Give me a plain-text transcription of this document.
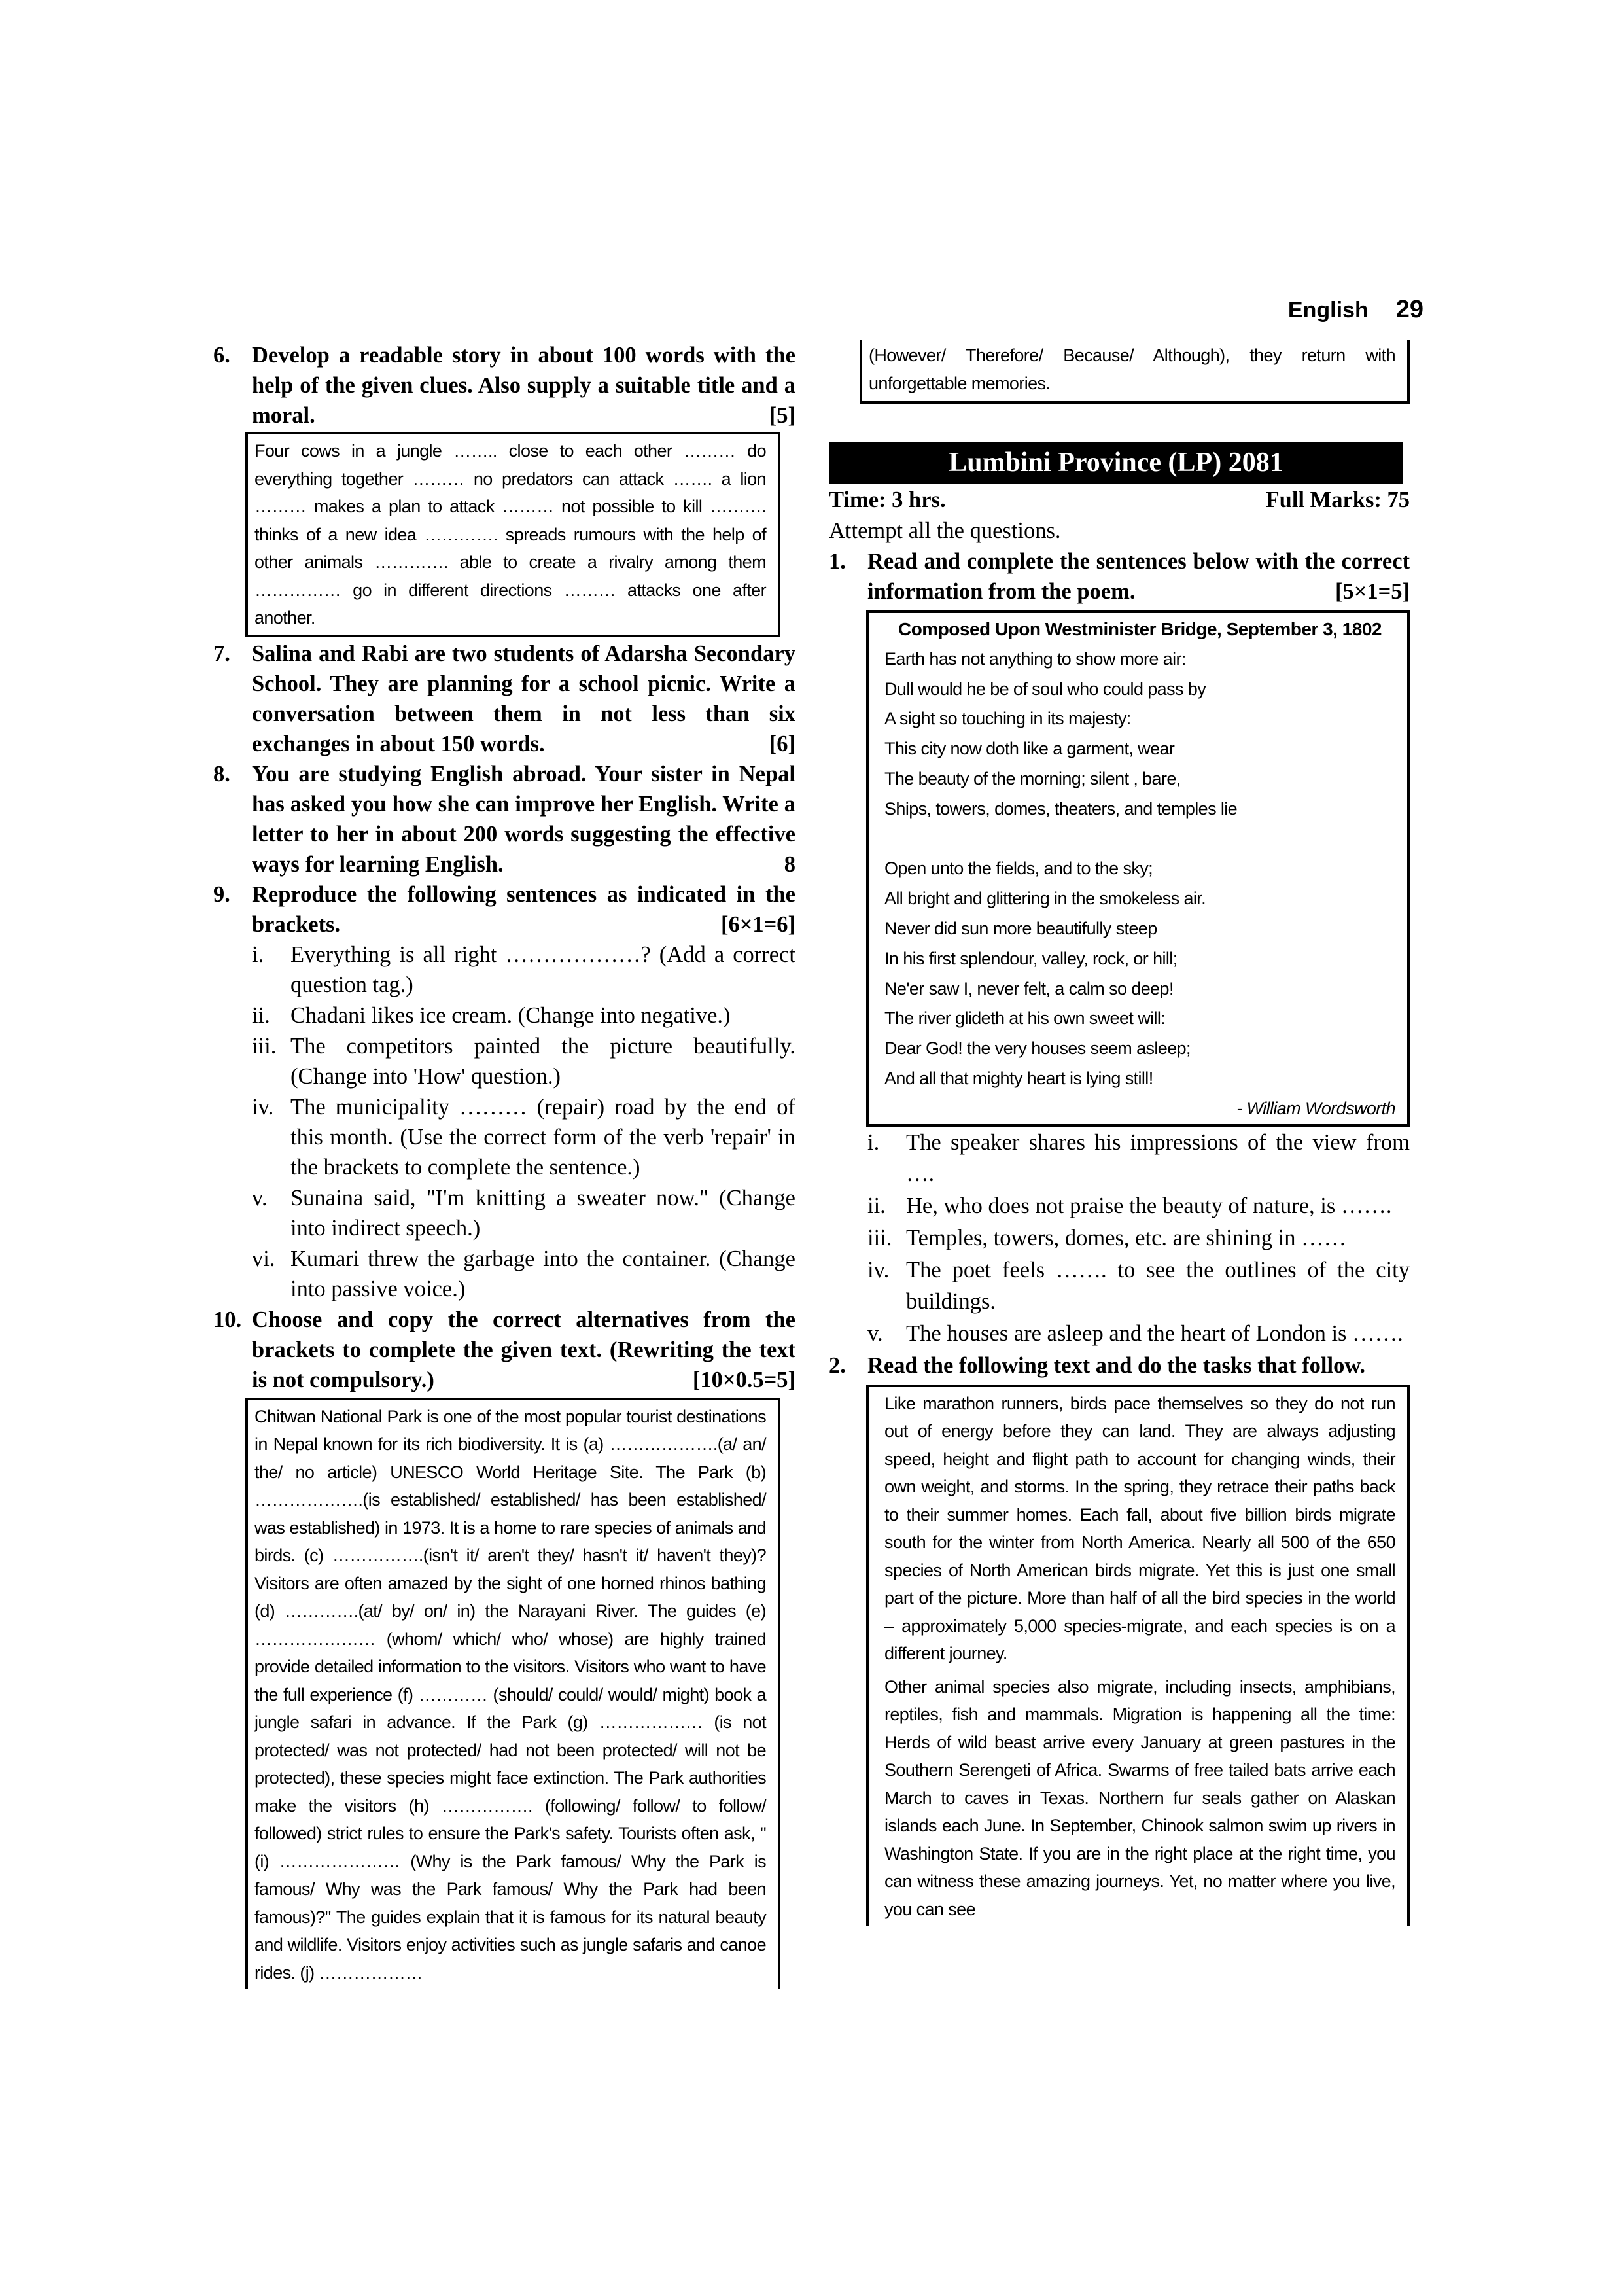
English 29
6. Develop a readable story in about 100 words with the help of the given clues. Also supply a suitable title and a moral.	[5]
Four cows in a jungle …….. close to each other ……… do everything together ……… no predators can attack ……. a lion ……… makes a plan to attack ……… not possible to kill ………. thinks of a new idea …………. spreads rumours with the help of other animals …………. able to create a rivalry among them …………… go in different directions ……… attacks one after another.
7. Salina and Rabi are two students of Adarsha Secondary School. They are planning for a school picnic. Write a conversation between them in not less than six exchanges in about 150 words.	[6]
8. You are studying English abroad. Your sister in Nepal has asked you how she can improve her English. Write a letter to her in about 200 words suggesting the effective ways for learning English.	8
9. Reproduce the following sentences as indicated in the brackets.	[6×1=6]
i. Everything is all right ………………? (Add a correct question tag.)
ii. Chadani likes ice cream. (Change into negative.)
iii. The competitors painted the picture beautifully. (Change into 'How' question.)
iv. The municipality ……… (repair) road by the end of this month. (Use the correct form of the verb 'repair' in the brackets to complete the sentence.)
v. Sunaina said, "I'm knitting a sweater now." (Change into indirect speech.)
vi. Kumari threw the garbage into the container. (Change into passive voice.)
10. Choose and copy the correct alternatives from the brackets to complete the given text. (Rewriting the text is not compulsory.)	[10×0.5=5]
Chitwan National Park is one of the most popular tourist destinations in Nepal known for its rich biodiversity. It is (a) ……………….(a/ an/ the/ no article) UNESCO World Heritage Site. The Park (b) ……………….(is established/ established/ has been established/ was established) in 1973. It is a home to rare species of animals and birds. (c) …………….(isn't it/ aren't they/ hasn't it/ haven't they)? Visitors are often amazed by the sight of one horned rhinos bathing (d) ………….(at/ by/ on/ in) the Narayani River. The guides (e) ………………… (whom/ which/ who/ whose) are highly trained provide detailed information to the visitors. Visitors who want to have the full experience (f) ………… (should/ could/ would/ might) book a jungle safari in advance. If the Park (g) ……………… (is not protected/ was not protected/ had not been protected/ will not be protected), these species might face extinction. The Park authorities make the visitors (h) ……………. (following/ follow/ to follow/ followed) strict rules to ensure the Park's safety. Tourists often ask, "(i) ………………… (Why is the Park famous/ Why the Park is famous/ Why was the Park famous/ Why the Park had been famous)?" The guides explain that it is famous for its natural beauty and wildlife. Visitors enjoy activities such as jungle safaris and canoe rides. (j) ………………
(However/ Therefore/ Because/ Although), they return with unforgettable memories.
Lumbini Province (LP) 2081
Time: 3 hrs.	Full Marks: 75

Attempt all the questions.

1. Read and complete the sentences below with the correct information from the poem.	[5×1=5]
Composed Upon Westminister Bridge, September 3, 1802
Earth has not anything to show more air:
Dull would he be of soul who could pass by
A sight so touching in its majesty:
This city now doth like a garment, wear
The beauty of the morning; silent , bare,
Ships, towers, domes, theaters, and temples lie
Open unto the fields, and to the sky;
All bright and glittering in the smokeless air.
Never did sun more beautifully steep
In his first splendour, valley, rock, or hill;
Ne'er saw I, never felt, a calm so deep!
The river glideth at his own sweet will:
Dear God! the very houses seem asleep;
And all that mighty heart is lying still!
- William Wordsworth
i. The speaker shares his impressions of the view from ….
ii. He, who does not praise the beauty of nature, is …….
iii. Temples, towers, domes, etc. are shining in ……
iv. The poet feels ……. to see the outlines of the city buildings.
v. The houses are asleep and the heart of London is …….
2. Read the following text and do the tasks that follow.

Like marathon runners, birds pace themselves so they do not run out of energy before they can land. They are always adjusting speed, height and flight path to account for changing winds, their own weight, and storms. In the spring, they retrace their paths back to their summer homes. Each fall, about five billion birds migrate south for the winter from North America. Nearly all 500 of the 650 species of North American birds migrate. Yet this is just one small part of the picture. More than half of all the bird species in the world – approximately 5,000 species-migrate, and each species is on a different journey.

Other animal species also migrate, including insects, amphibians, reptiles, fish and mammals. Migration is happening all the time: Herds of wild beast arrive every January at green pastures in the Southern Serengeti of Africa. Swarms of free tailed bats arrive each March to caves in Texas. Northern fur seals gather on Alaskan islands each June. In September, Chinook salmon swim up rivers in Washington State. If you are in the right place at the right time, you can witness these amazing journeys. Yet, no matter where you live, you can see
